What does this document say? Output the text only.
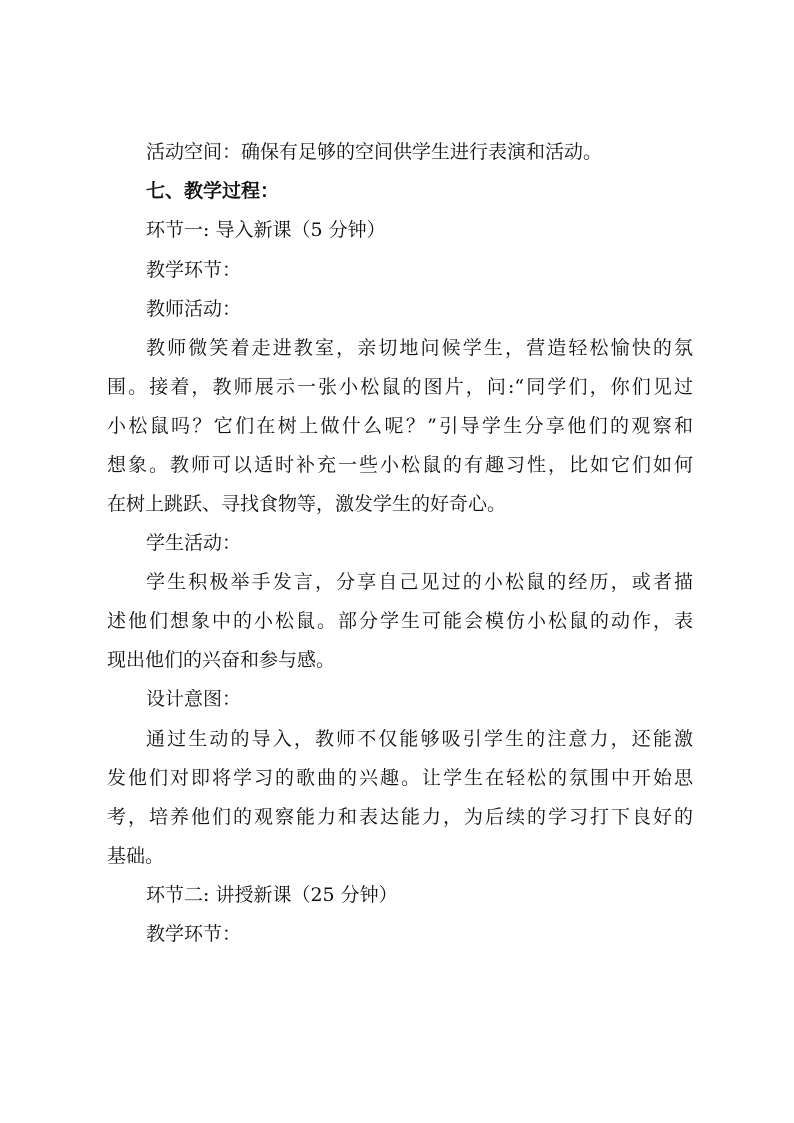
活动空间：确保有足够的空间供学生进行表演和活动。
七、教学过程：
环节一: 导入新课（5 分钟）
教学环节：
教师活动：
教师微笑着走进教室，亲切地问候学生，营造轻松愉快的氛
围。接着，教师展示一张小松鼠的图片，问:“同学们，你们见过
小松鼠吗？它们在树上做什么呢？”引导学生分享他们的观察和
想象。教师可以适时补充一些小松鼠的有趣习性，比如它们如何
在树上跳跃、寻找食物等，激发学生的好奇心。
学生活动：
学生积极举手发言，分享自己见过的小松鼠的经历，或者描
述他们想象中的小松鼠。部分学生可能会模仿小松鼠的动作，表
现出他们的兴奋和参与感。
设计意图：
通过生动的导入，教师不仅能够吸引学生的注意力，还能激
发他们对即将学习的歌曲的兴趣。让学生在轻松的氛围中开始思
考，培养他们的观察能力和表达能力，为后续的学习打下良好的
基础。
环节二: 讲授新课（25 分钟）
教学环节：
